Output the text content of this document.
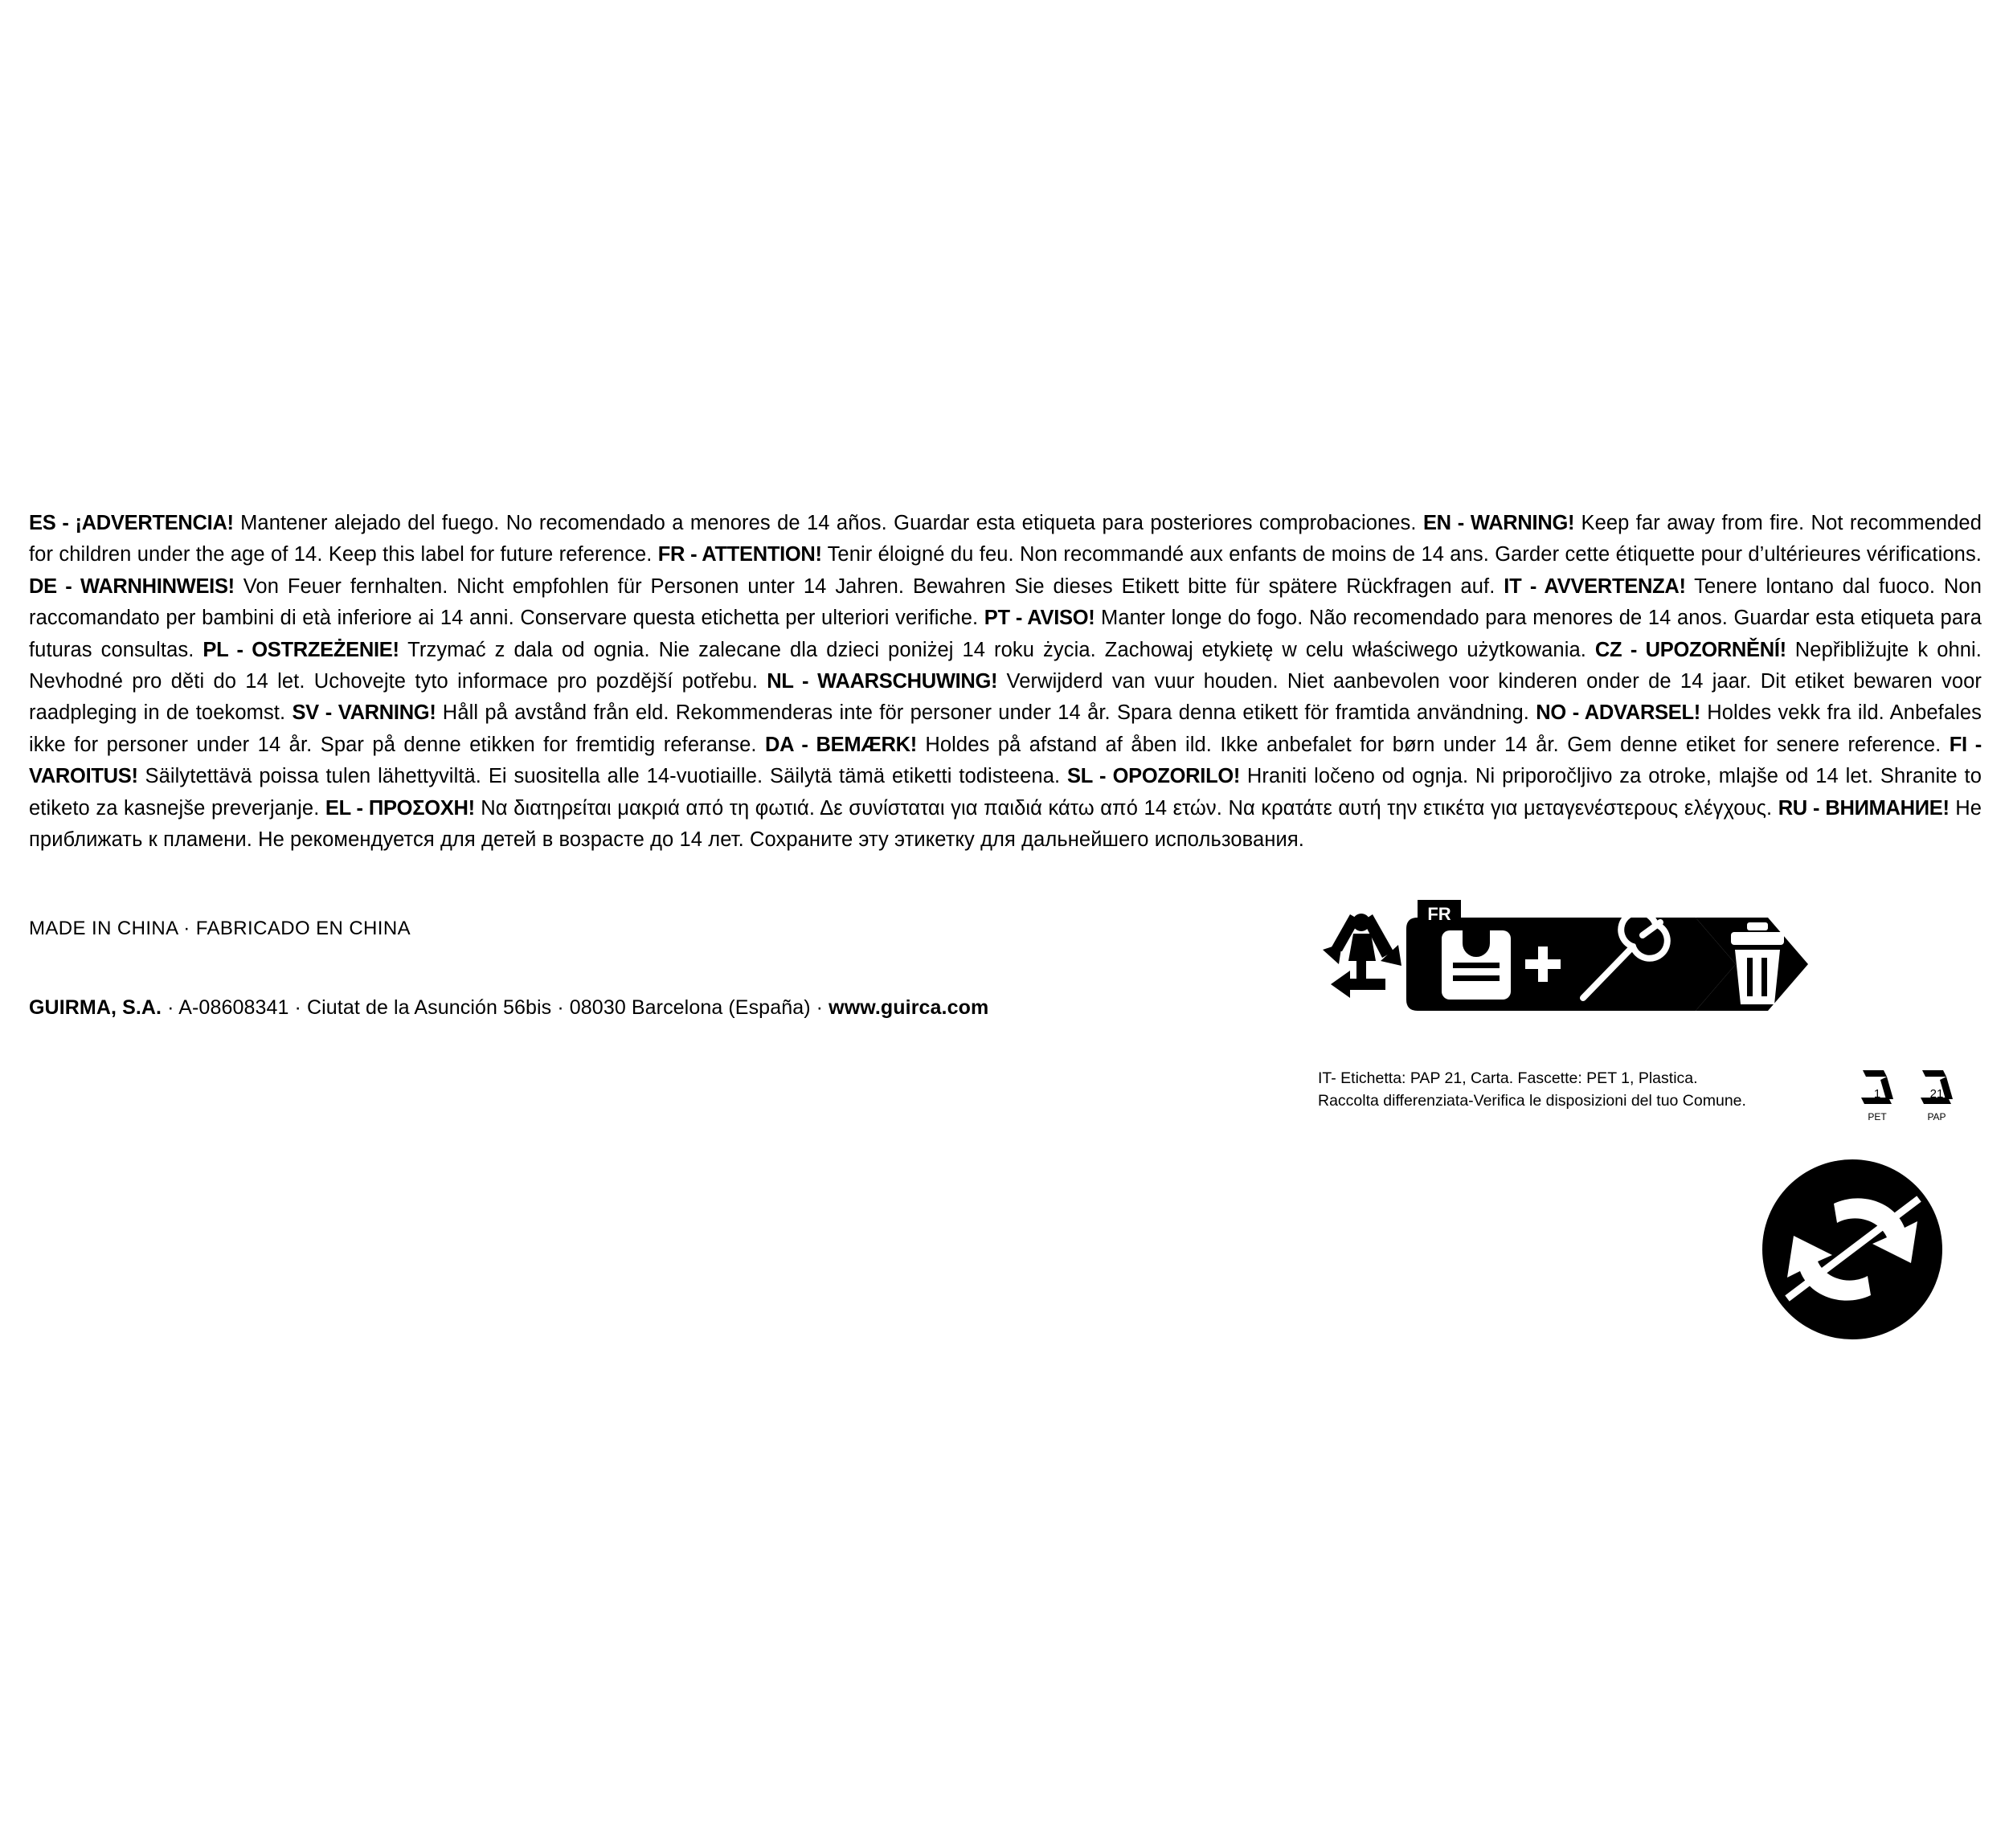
ES - ¡ADVERTENCIA! Mantener alejado del fuego. No recomendado a menores de 14 años. Guardar esta etiqueta para posteriores comprobaciones. EN - WARNING! Keep far away from fire. Not recommended for children under the age of 14. Keep this label for future reference. FR - ATTENTION! Tenir éloigné du feu. Non recommandé aux enfants de moins de 14 ans. Garder cette étiquette pour d’ultérieures vérifications. DE - WARNHINWEIS! Von Feuer fernhalten. Nicht empfohlen für Personen unter 14 Jahren. Bewahren Sie dieses Etikett bitte für spätere Rückfragen auf. IT - AVVERTENZA! Tenere lontano dal fuoco. Non raccomandato per bambini di età inferiore ai 14 anni. Conservare questa etichetta per ulteriori verifiche. PT - AVISO! Manter longe do fogo. Não recomendado para menores de 14 anos. Guardar esta etiqueta para futuras consultas. PL - OSTRZEŻENIE! Trzymać z dala od ognia. Nie zalecane dla dzieci poniżej 14 roku życia. Zachowaj etykietę w celu właściwego użytkowania. CZ - UPOZORNĚNÍ! Nepřibližujte k ohni. Nevhodné pro děti do 14 let. Uchovejte tyto informace pro pozdější potřebu. NL - WAARSCHUWING! Verwijderd van vuur houden. Niet aanbevolen voor kinderen onder de 14 jaar. Dit etiket bewaren voor raadpleging in de toekomst. SV - VARNING! Håll på avstånd från eld. Rekommenderas inte för personer under 14 år. Spara denna etikett för framtida användning. NO - ADVARSEL! Holdes vekk fra ild. Anbefales ikke for personer under 14 år. Spar på denne etikken for fremtidig referanse. DA - BEMÆRK! Holdes på afstand af åben ild. Ikke anbefalet for børn under 14 år. Gem denne etiket for senere reference. FI - VAROITUS! Säilytettävä poissa tulen lähettyviltä. Ei suositella alle 14-vuotiaille. Säilytä tämä etiketti todisteena. SL - OPOZORILO! Hraniti ločeno od ognja. Ni priporočljivo za otroke, mlajše od 14 let. Shranite to etiketo za kasnejše preverjanje. EL - ΠΡΟΣΟΧΗ! Να διατηρείται μακριά από τη φωτιά. Δε συνίσταται για παιδιά κάτω από 14 ετών. Να κρατάτε αυτή την ετικέτα για μεταγενέστερους ελέγχους. RU - ВНИМАНИЕ! Не приближать к пламени. Не рекомендуется для детей в возрасте до 14 лет. Сохраните эту этикетку для дальнейшего использования.
MADE IN CHINA · FABRICADO EN CHINA
GUIRMA, S.A. · A-08608341 · Ciutat de la Asunción 56bis · 08030 Barcelona (España) · www.guirca.com
FR
IT- Etichetta: PAP 21, Carta. Fascette: PET 1, Plastica.
Raccolta differenziata-Verifica le disposizioni del tuo Comune.	1
PET
21
PAP
